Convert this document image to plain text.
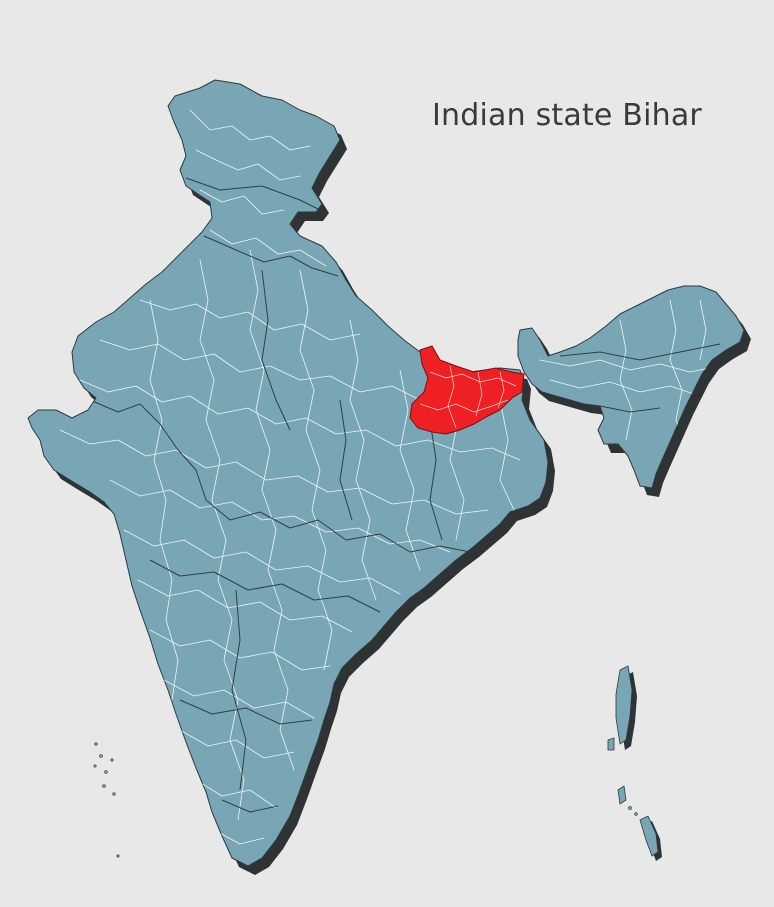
Indian state Bihar
